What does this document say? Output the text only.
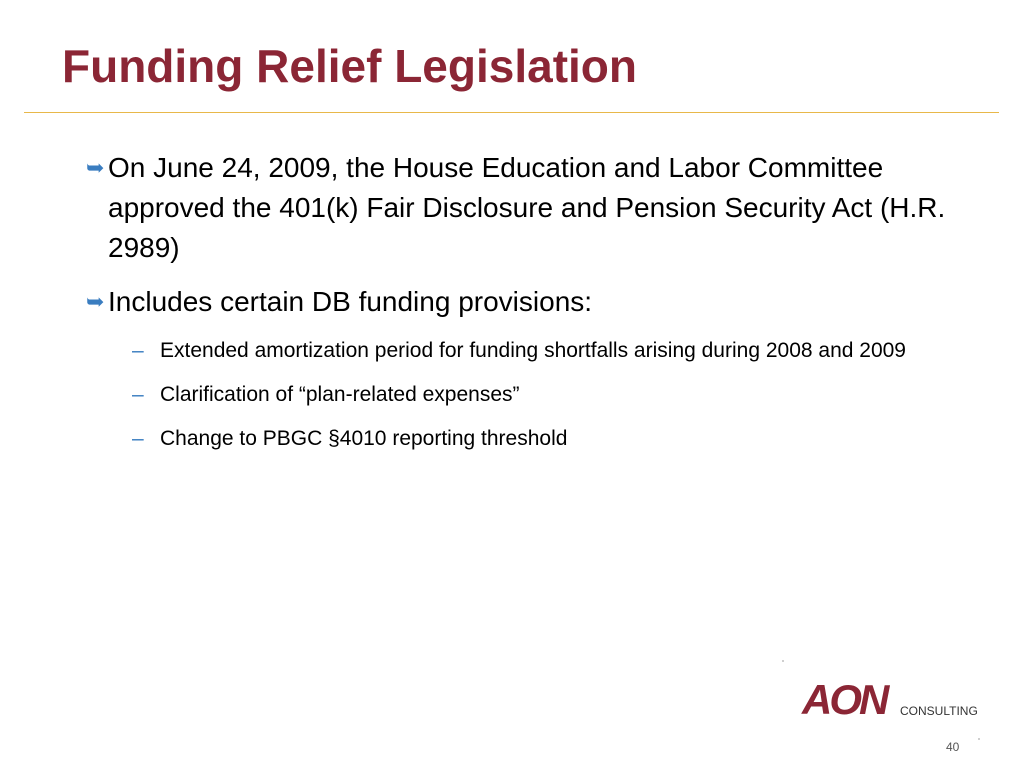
Funding Relief Legislation
➥ On June 24, 2009, the House Education and Labor Committee approved the 401(k) Fair Disclosure and Pension Security Act (H.R. 2989)
➥ Includes certain DB funding provisions:
– Extended amortization period for funding shortfalls arising during 2008 and 2009
– Clarification of “plan-related expenses”
– Change to PBGC §4010 reporting threshold
AON CONSULTING
40
